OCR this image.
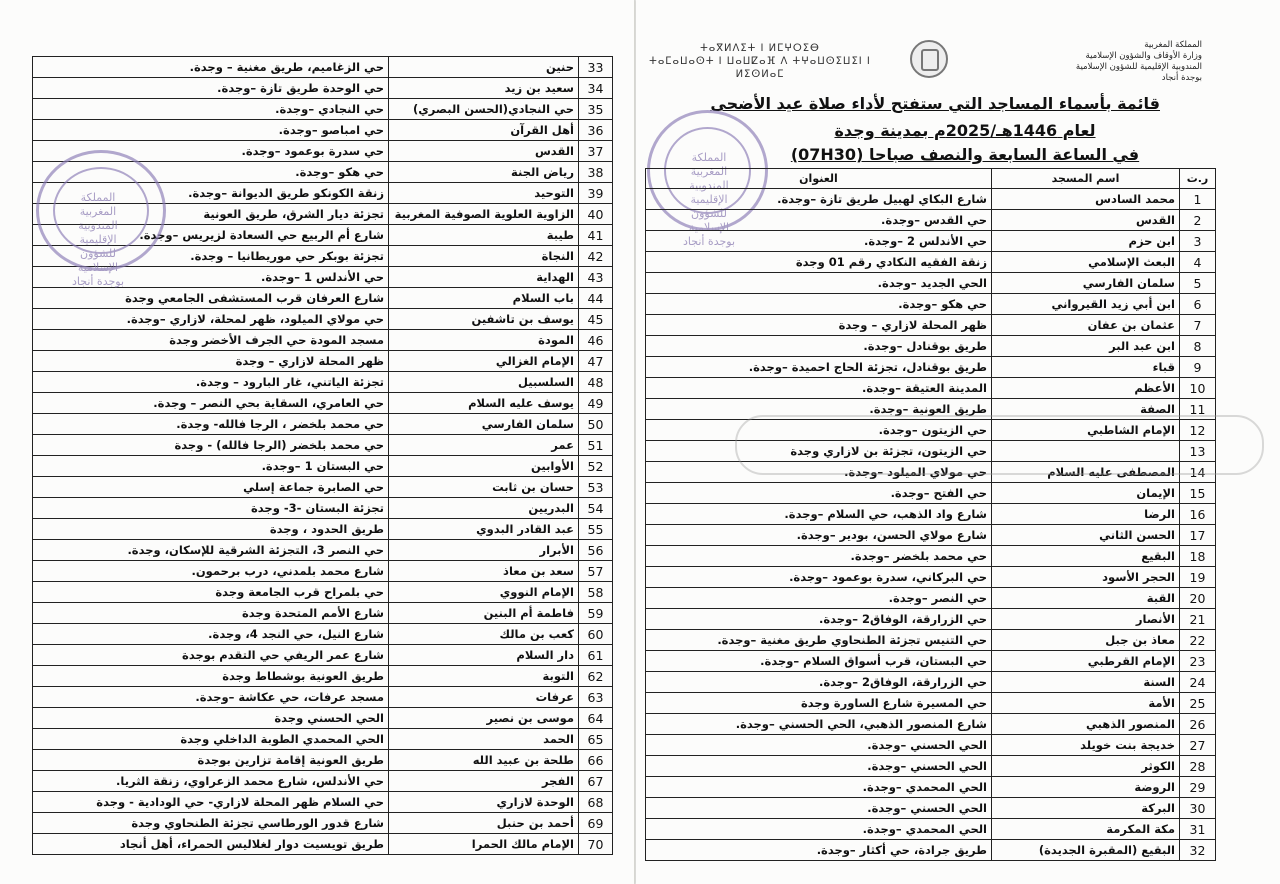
33	حنين	حي الزغاميم، طريق مغنية – وجدة.
34	سعيد بن زيد	حي الوحدة طريق تازة –وجدة.
35	حي النجادي(الحسن البصري)	حي النجادي –وجدة.
36	أهل القرآن	حي امباصو –وجدة.
37	القدس	حي سدرة بوعمود –وجدة.
38	رياض الجنة	حي هكو –وجدة.
39	التوحيد	زنقة الكونكو طريق الديوانة –وجدة.
40	الزاوية العلوية الصوفية المغربية	تجزئة ديار الشرق، طريق العونية
41	طيبة	شارع أم الربيع حي السعادة لزيريس –وجدة.
42	النجاة	تجزئة بوبكر حي موريطانيا – وجدة.
43	الهداية	حي الأندلس 1 –وجدة.
44	باب السلام	شارع العرفان قرب المستشفى الجامعي وجدة
45	يوسف بن تاشفين	حي مولاي الميلود، ظهر لمحلة، لازاري –وجدة.
46	المودة	مسجد المودة حي الجرف الأخضر وجدة
47	الإمام الغزالي	ظهر المحلة لازاري – وجدة
48	السلسبيل	تجزئة الياتني، غار البارود – وجدة.
49	يوسف عليه السلام	حي العامري، السقاية بحي النصر – وجدة.
50	سلمان الفارسي	حي محمد بلخضر ، الرجا فالله- وجدة.
51	عمر	حي محمد بلخضر (الرجا فالله) - وجدة
52	الأوابين	حي البستان 1 –وجدة.
53	حسان بن ثابت	حي الصابرة جماعة إسلي
54	البدريين	تجزئة البستان -3- وجدة
55	عبد القادر البدوي	طريق الحدود ، وجدة
56	الأبرار	حي النصر 3، التجزئة الشرقية للإسكان، وجدة.
57	سعد بن معاذ	شارع محمد بلمدني، درب برحمون.
58	الإمام النووي	حي بلمراح قرب الجامعة وجدة
59	فاطمة أم البنين	شارع الأمم المتحدة وجدة
60	كعب بن مالك	شارع النيل، حي النجد 4، وجدة.
61	دار السلام	شارع عمر الريفي حي التقدم بوجدة
62	التوبة	طريق العونية بوشطاط وجدة
63	عرفات	مسجد عرفات، حي عكاشة –وجدة.
64	موسى بن نصير	الحي الحسني وجدة
65	الحمد	الحي المحمدي الطوبة الداخلي وجدة
66	طلحة بن عبيد الله	طريق العونية إقامة تزارين بوجدة
67	الفجر	حي الأندلس، شارع محمد الزعراوي، زنقة الثريا.
68	الوحدة لازاري	حي السلام ظهر المحلة لازاري- حي الودادية - وجدة
69	أحمد بن حنبل	شارع قدور الورطاسي تجزئة الطنحاوي وجدة
70	الإمام مالك الحمرا	طريق تويسيت دوار لغلاليس الحمراء، أهل أنجاد
المملكة المغربية المندوبية الإقليمية للشؤون الإسلامية بوجدة أنجاد
المملكة المغربية
وزارة الأوقاف والشؤون الإسلامية
المندوبية الإقليمية للشؤون الإسلامية
بوجدة أنجاد
ⵜⴰⴳⵍⴷⵉⵜ ⵏ ⵍⵎⵖⵔⵉⴱ
ⵜⴰⵎⴰⵡⴰⵙⵜ ⵏ ⵡⴰⵡⵇⴰⴼ ⴷ ⵜⵖⴰⵡⵙⵉⵡⵉⵏ ⵏ ⵍⵉⵙⵍⴰⵎ
قائمة بأسماء المساجد التي ستفتح لأداء صلاة عيد الأضحى
لعام 1446هـ/2025م بمدينة وجدة
في الساعة السابعة والنصف صباحا (07H30)
المملكة المغربية المندوبية الإقليمية للشؤون الإسلامية بوجدة أنجاد
ر.ت	اسم المسجد	العنوان
1	محمد السادس	شارع البكاي لهبيل طريق تازة –وجدة.
2	القدس	حي القدس –وجدة.
3	ابن حزم	حي الأندلس 2 –وجدة.
4	البعث الإسلامي	زنقة الفقيه النكادي رقم 01 وجدة
5	سلمان الفارسي	الحي الجديد –وجدة.
6	ابن أبي زيد القيرواني	حي هكو –وجدة.
7	عثمان بن عفان	ظهر المحلة لازاري – وجدة
8	ابن عبد البر	طريق بوقنادل –وجدة.
9	قباء	طريق بوقنادل، تجزئة الحاج احميدة –وجدة.
10	الأعظم	المدينة العتيقة –وجدة.
11	الصفة	طريق العونية –وجدة.
12	الإمام الشاطبي	حي الزيتون –وجدة.
13		حي الزيتون، تجزئة بن لازاري وجدة
14	المصطفى عليه السلام	حي مولاي الميلود –وجدة.
15	الإيمان	حي الفتح –وجدة.
16	الرضا	شارع واد الذهب، حي السلام –وجدة.
17	الحسن الثاني	شارع مولاي الحسن، بودير –وجدة.
18	البقيع	حي محمد بلخضر –وجدة.
19	الحجر الأسود	حي البركاني، سدرة بوعمود –وجدة.
20	القبة	حي النصر –وجدة.
21	الأنصار	حي الزرارقة، الوفاق2 –وجدة.
22	معاذ بن جبل	حي التنيس تجزئة الطنحاوي طريق مغنية –وجدة.
23	الإمام القرطبي	حي البستان، قرب أسواق السلام –وجدة.
24	السنة	حي الزرارقة، الوفاق2 –وجدة.
25	الأمة	حي المسيرة شارع الساورة وجدة
26	المنصور الذهبي	شارع المنصور الذهبي، الحي الحسني –وجدة.
27	خديجة بنت خويلد	الحي الحسني –وجدة.
28	الكوثر	الحي الحسني –وجدة.
29	الروضة	الحي المحمدي –وجدة.
30	البركة	الحي الحسني –وجدة.
31	مكة المكرمة	الحي المحمدي –وجدة.
32	البقيع (المقبرة الجديدة)	طريق جرادة، حي أكثار –وجدة.
